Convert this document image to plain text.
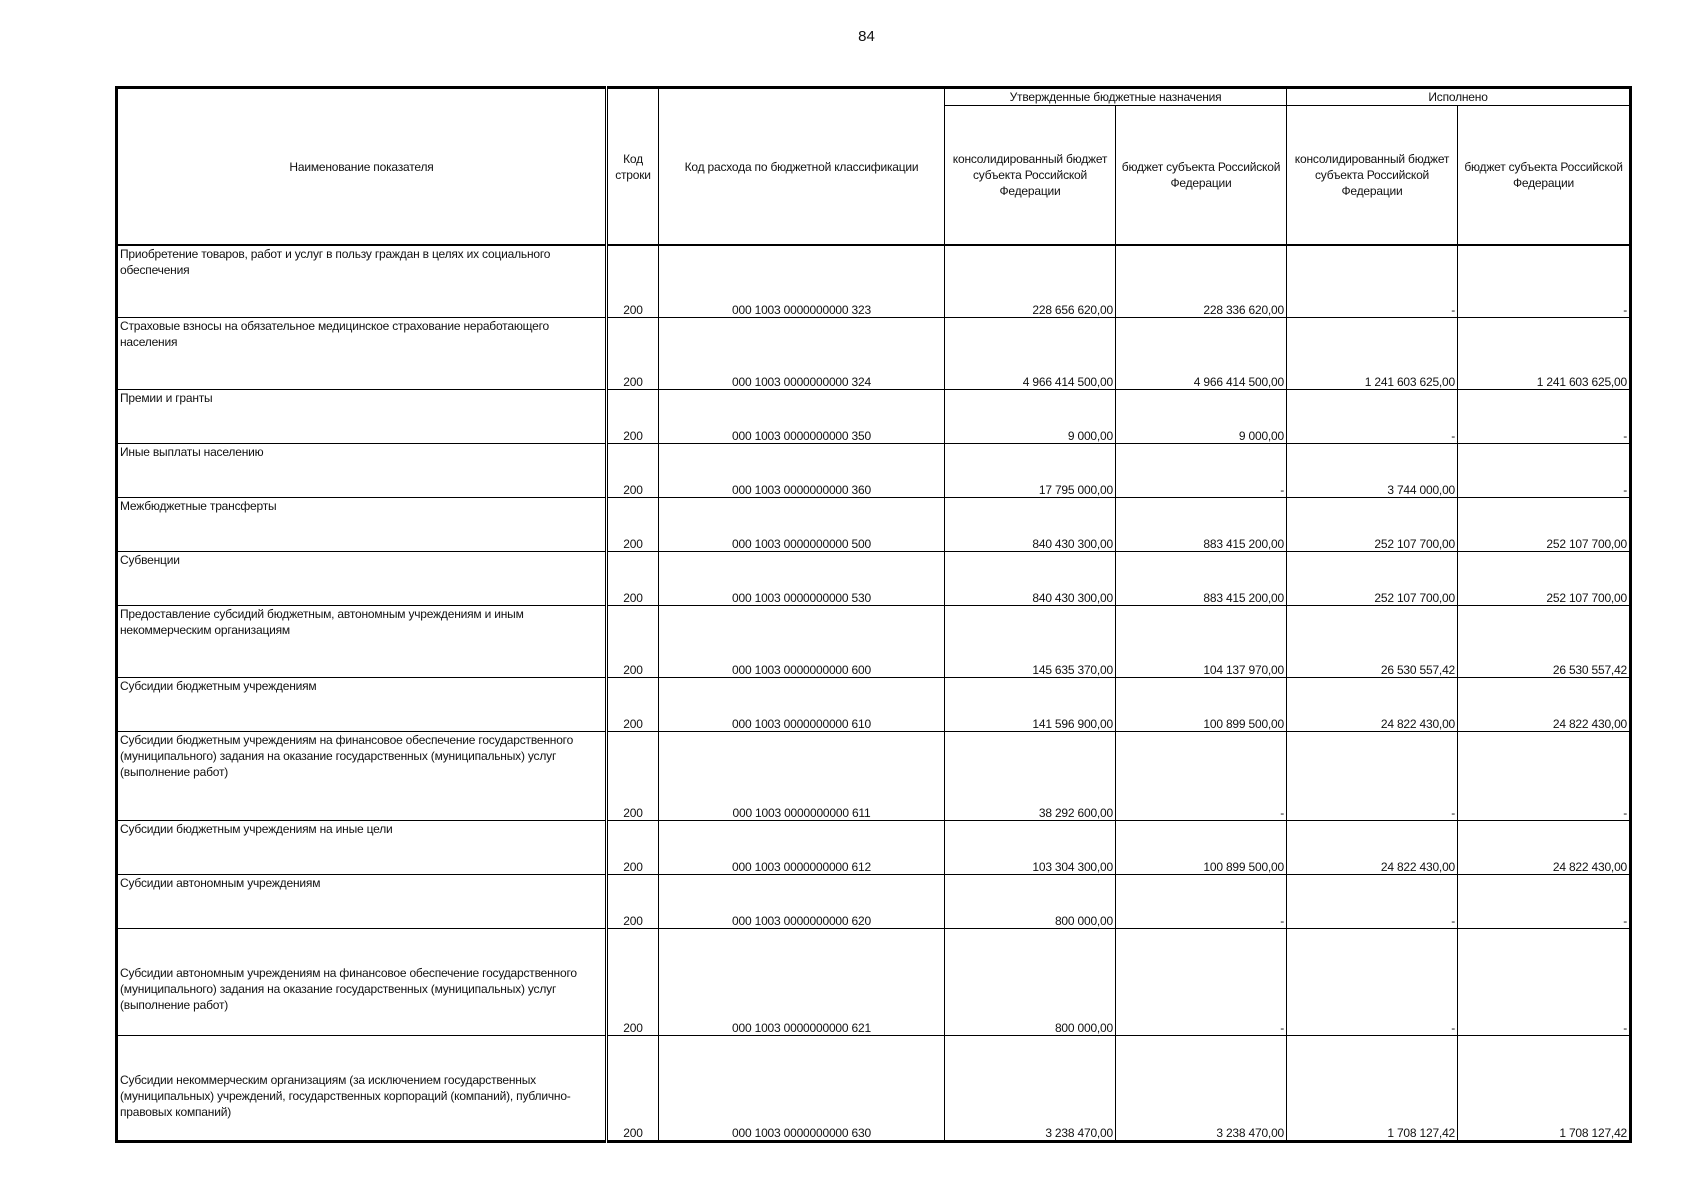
84
Наименование показателя	Код строки	Код расхода по бюджетной классификации	Утвержденные бюджетные назначения		Исполнено	
			консолидированный бюджет субъекта Российской Федерации	бюджет субъекта Российской Федерации	консолидированный бюджет субъекта Российской Федерации	бюджет субъекта Российской Федерации

Приобретение товаров, работ и услуг в пользу граждан в целях их социального обеспечения	200	000 1003 0000000000 323	228 656 620,00	228 336 620,00	-	-
Страховые взносы на обязательное медицинское страхование неработающего населения	200	000 1003 0000000000 324	4 966 414 500,00	4 966 414 500,00	1 241 603 625,00	1 241 603 625,00
Премии и гранты	200	000 1003 0000000000 350	9 000,00	9 000,00	-	-
Иные выплаты населению	200	000 1003 0000000000 360	17 795 000,00	-	3 744 000,00	-
Межбюджетные трансферты	200	000 1003 0000000000 500	840 430 300,00	883 415 200,00	252 107 700,00	252 107 700,00
Субвенции	200	000 1003 0000000000 530	840 430 300,00	883 415 200,00	252 107 700,00	252 107 700,00
Предоставление субсидий бюджетным, автономным учреждениям и иным некоммерческим организациям	200	000 1003 0000000000 600	145 635 370,00	104 137 970,00	26 530 557,42	26 530 557,42
Субсидии бюджетным учреждениям	200	000 1003 0000000000 610	141 596 900,00	100 899 500,00	24 822 430,00	24 822 430,00
Субсидии бюджетным учреждениям на финансовое обеспечение государственного (муниципального) задания на оказание государственных (муниципальных) услуг (выполнение работ)	200	000 1003 0000000000 611	38 292 600,00	-	-	-
Субсидии бюджетным учреждениям на иные цели	200	000 1003 0000000000 612	103 304 300,00	100 899 500,00	24 822 430,00	24 822 430,00
Субсидии автономным учреждениям	200	000 1003 0000000000 620	800 000,00	-	-	-
Субсидии автономным учреждениям на финансовое обеспечение государственного (муниципального) задания на оказание государственных (муниципальных) услуг (выполнение работ)	200	000 1003 0000000000 621	800 000,00	-	-	-
Субсидии некоммерческим организациям (за исключением государственных (муниципальных) учреждений, государственных корпораций (компаний), публично-правовых компаний)	200	000 1003 0000000000 630	3 238 470,00	3 238 470,00	1 708 127,42	1 708 127,42
